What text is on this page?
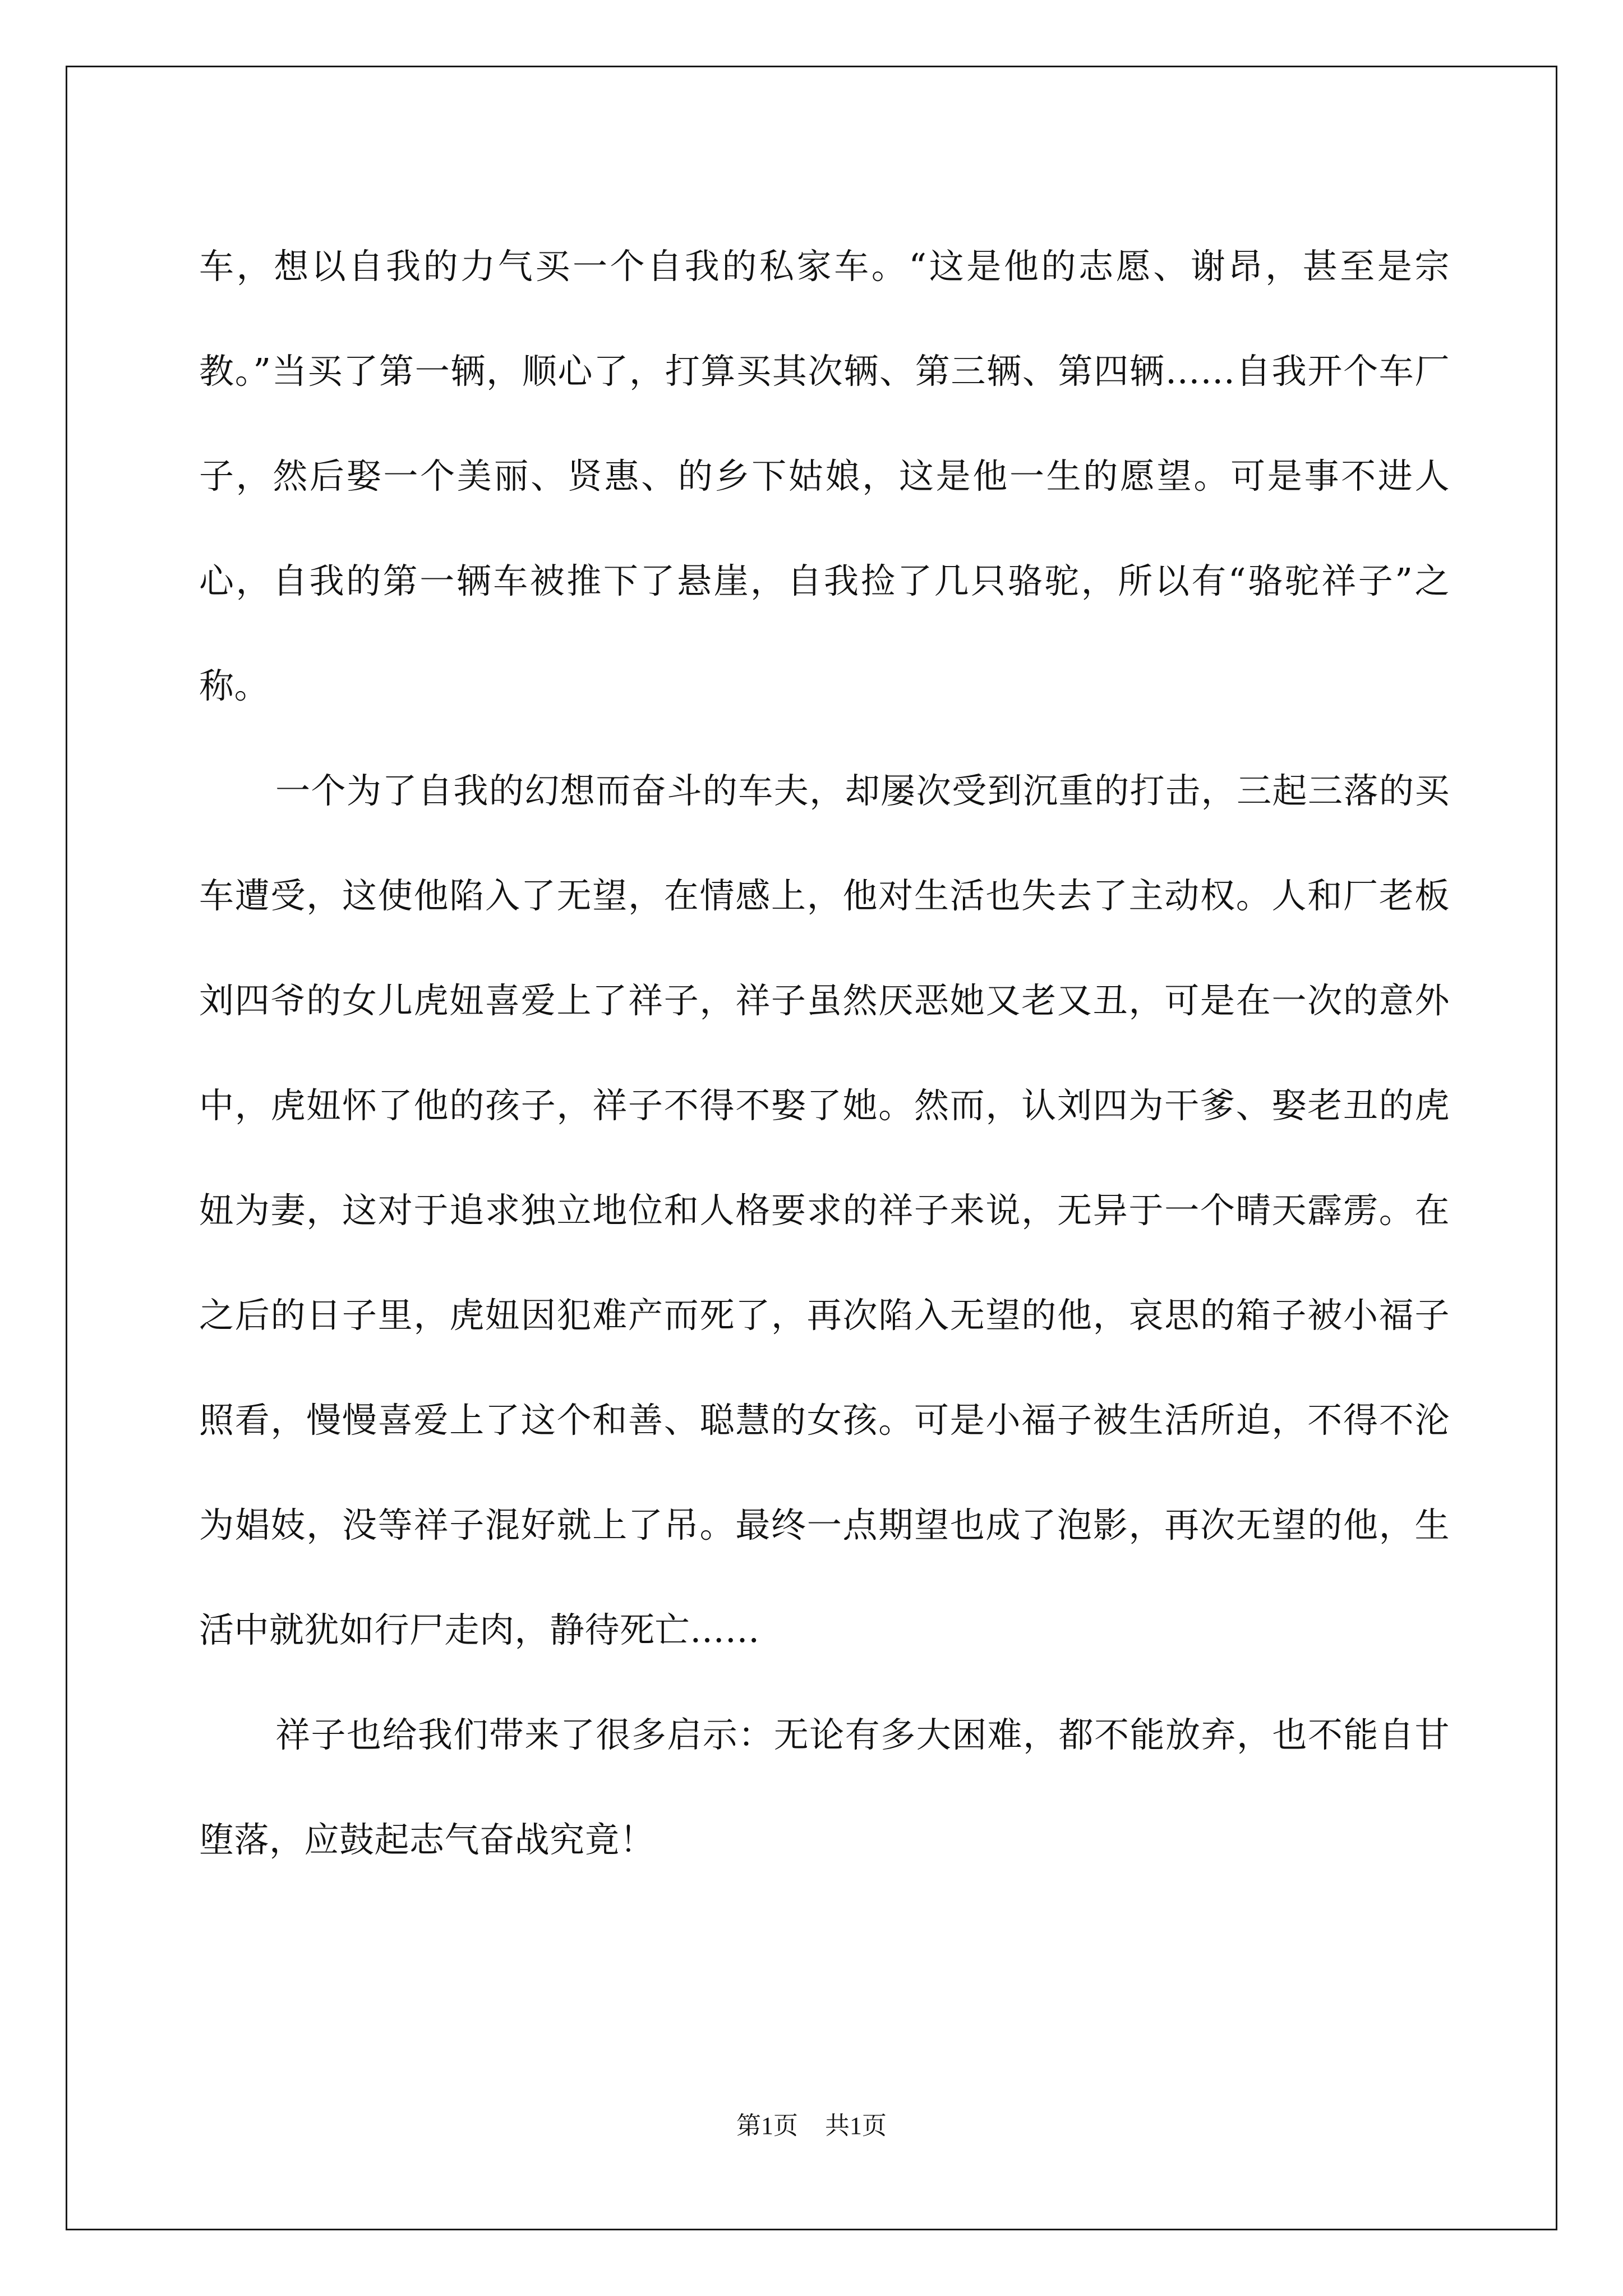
车，想以自我的力气买一个自我的私家车。“这是他的志愿、谢昂，甚至是宗教。”当买了第一辆，顺心了，打算买其次辆、第三辆、第四辆……自我开个车厂子，然后娶一个美丽、贤惠、的乡下姑娘，这是他一生的愿望。可是事不进人心，自我的第一辆车被推下了悬崖，自我捡了几只骆驼，所以有“骆驼祥子”之称。

一个为了自我的幻想而奋斗的车夫，却屡次受到沉重的打击，三起三落的买车遭受，这使他陷入了无望，在情感上，他对生活也失去了主动权。人和厂老板刘四爷的女儿虎妞喜爱上了祥子，祥子虽然厌恶她又老又丑，可是在一次的意外中，虎妞怀了他的孩子，祥子不得不娶了她。然而，认刘四为干爹、娶老丑的虎妞为妻，这对于追求独立地位和人格要求的祥子来说，无异于一个晴天霹雳。在之后的日子里，虎妞因犯难产而死了，再次陷入无望的他，哀思的箱子被小福子照看，慢慢喜爱上了这个和善、聪慧的女孩。可是小福子被生活所迫，不得不沦为娼妓，没等祥子混好就上了吊。最终一点期望也成了泡影，再次无望的他，生活中就犹如行尸走肉，静待死亡……

祥子也给我们带来了很多启示：无论有多大困难，都不能放弃，也不能自甘堕落，应鼓起志气奋战究竟！

第1页 共1页
